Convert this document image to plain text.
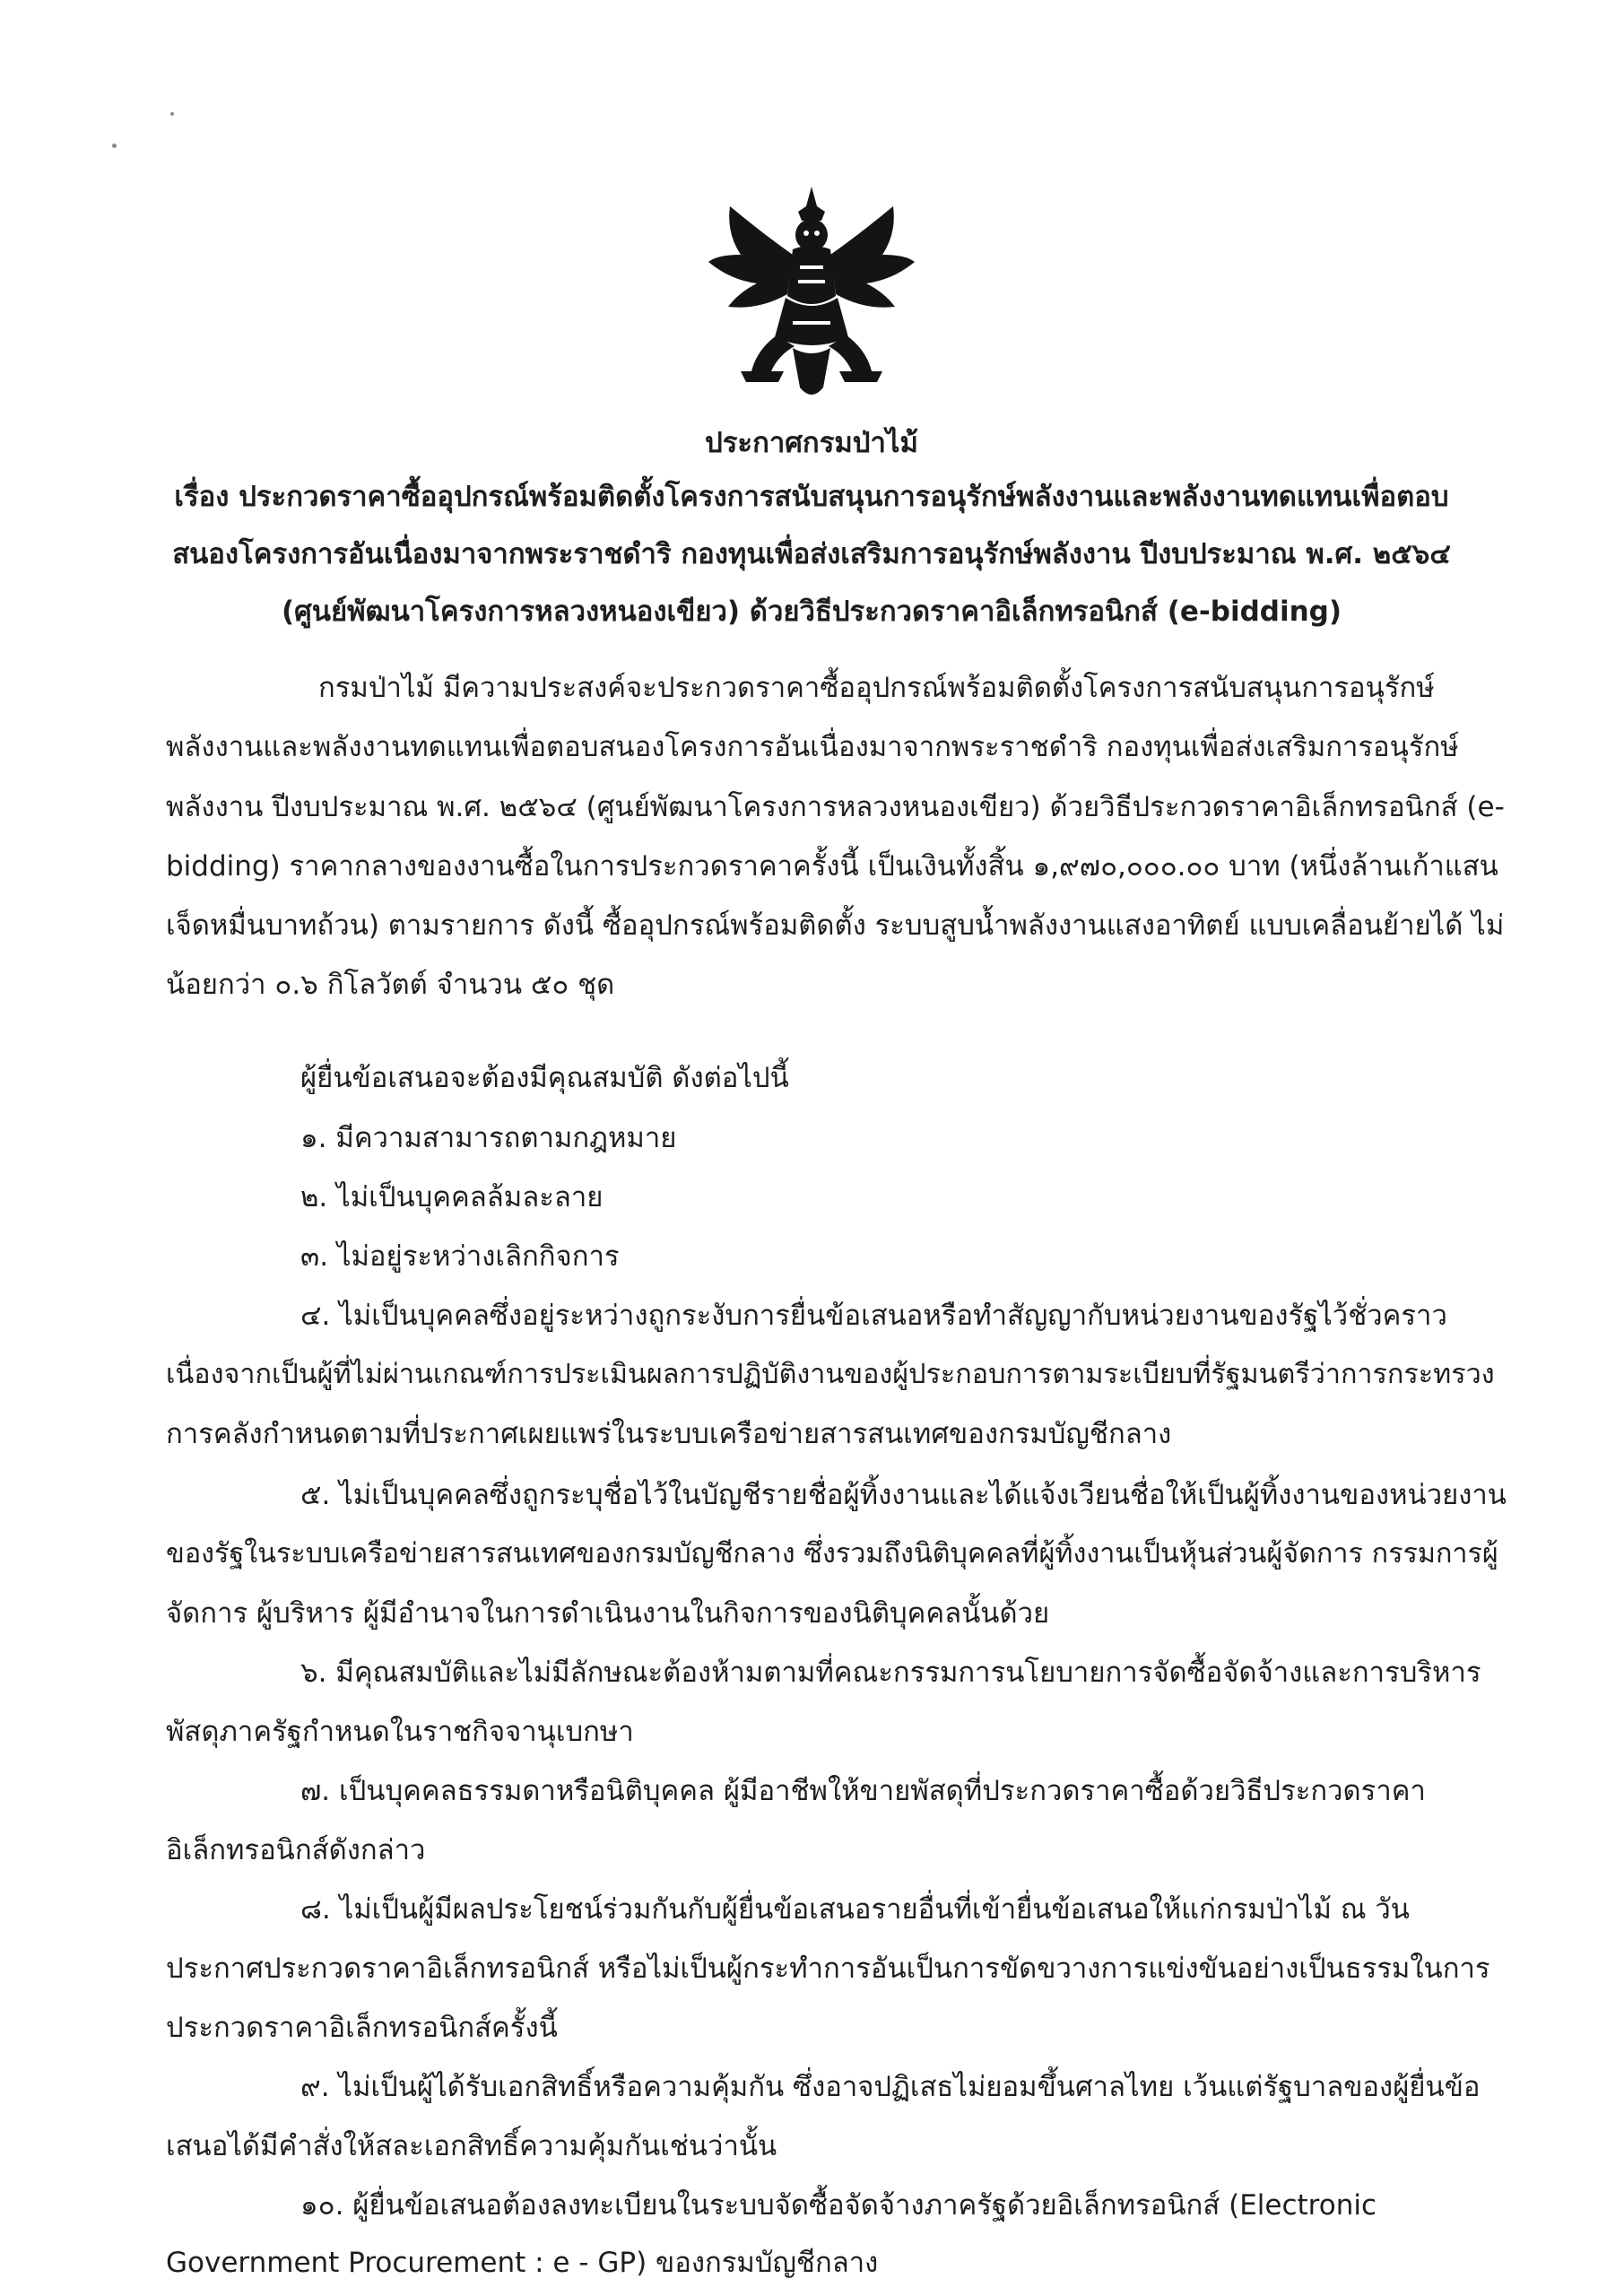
ประกาศกรมป่าไม้
เรื่อง ประกวดราคาซื้ออุปกรณ์พร้อมติดตั้งโครงการสนับสนุนการอนุรักษ์พลังงานและพลังงานทดแทนเพื่อตอบ
สนองโครงการอันเนื่องมาจากพระราชดำริ กองทุนเพื่อส่งเสริมการอนุรักษ์พลังงาน ปีงบประมาณ พ.ศ. ๒๕๖๔
(ศูนย์พัฒนาโครงการหลวงหนองเขียว) ด้วยวิธีประกวดราคาอิเล็กทรอนิกส์ (e-bidding)
กรมป่าไม้ มีความประสงค์จะประกวดราคาซื้ออุปกรณ์พร้อมติดตั้งโครงการสนับสนุนการอนุรักษ์
พลังงานและพลังงานทดแทนเพื่อตอบสนองโครงการอันเนื่องมาจากพระราชดำริ กองทุนเพื่อส่งเสริมการอนุรักษ์
พลังงาน ปีงบประมาณ พ.ศ. ๒๕๖๔ (ศูนย์พัฒนาโครงการหลวงหนองเขียว) ด้วยวิธีประกวดราคาอิเล็กทรอนิกส์ (e-
bidding) ราคากลางของงานซื้อในการประกวดราคาครั้งนี้ เป็นเงินทั้งสิ้น ๑,๙๗๐,๐๐๐.๐๐ บาท (หนึ่งล้านเก้าแสน
เจ็ดหมื่นบาทถ้วน) ตามรายการ ดังนี้ ซื้ออุปกรณ์พร้อมติดตั้ง ระบบสูบน้ำพลังงานแสงอาทิตย์ แบบเคลื่อนย้ายได้ ไม่
น้อยกว่า ๐.๖ กิโลวัตต์ จำนวน ๕๐ ชุด
ผู้ยื่นข้อเสนอจะต้องมีคุณสมบัติ ดังต่อไปนี้
๑. มีความสามารถตามกฎหมาย
๒. ไม่เป็นบุคคลล้มละลาย
๓. ไม่อยู่ระหว่างเลิกกิจการ
๔. ไม่เป็นบุคคลซึ่งอยู่ระหว่างถูกระงับการยื่นข้อเสนอหรือทำสัญญากับหน่วยงานของรัฐไว้ชั่วคราว
เนื่องจากเป็นผู้ที่ไม่ผ่านเกณฑ์การประเมินผลการปฏิบัติงานของผู้ประกอบการตามระเบียบที่รัฐมนตรีว่าการกระทรวง
การคลังกำหนดตามที่ประกาศเผยแพร่ในระบบเครือข่ายสารสนเทศของกรมบัญชีกลาง
๕. ไม่เป็นบุคคลซึ่งถูกระบุชื่อไว้ในบัญชีรายชื่อผู้ทิ้งงานและได้แจ้งเวียนชื่อให้เป็นผู้ทิ้งงานของหน่วยงาน
ของรัฐในระบบเครือข่ายสารสนเทศของกรมบัญชีกลาง ซึ่งรวมถึงนิติบุคคลที่ผู้ทิ้งงานเป็นหุ้นส่วนผู้จัดการ กรรมการผู้
จัดการ ผู้บริหาร ผู้มีอำนาจในการดำเนินงานในกิจการของนิติบุคคลนั้นด้วย
๖. มีคุณสมบัติและไม่มีลักษณะต้องห้ามตามที่คณะกรรมการนโยบายการจัดซื้อจัดจ้างและการบริหาร
พัสดุภาครัฐกำหนดในราชกิจจานุเบกษา
๗. เป็นบุคคลธรรมดาหรือนิติบุคคล ผู้มีอาชีพให้ขายพัสดุที่ประกวดราคาซื้อด้วยวิธีประกวดราคา
อิเล็กทรอนิกส์ดังกล่าว
๘. ไม่เป็นผู้มีผลประโยชน์ร่วมกันกับผู้ยื่นข้อเสนอรายอื่นที่เข้ายื่นข้อเสนอให้แก่กรมป่าไม้ ณ วัน
ประกาศประกวดราคาอิเล็กทรอนิกส์ หรือไม่เป็นผู้กระทำการอันเป็นการขัดขวางการแข่งขันอย่างเป็นธรรมในการ
ประกวดราคาอิเล็กทรอนิกส์ครั้งนี้
๙. ไม่เป็นผู้ได้รับเอกสิทธิ์หรือความคุ้มกัน ซึ่งอาจปฏิเสธไม่ยอมขึ้นศาลไทย เว้นแต่รัฐบาลของผู้ยื่นข้อ
เสนอได้มีคำสั่งให้สละเอกสิทธิ์ความคุ้มกันเช่นว่านั้น
๑๐. ผู้ยื่นข้อเสนอต้องลงทะเบียนในระบบจัดซื้อจัดจ้างภาครัฐด้วยอิเล็กทรอนิกส์ (Electronic
Government Procurement : e - GP) ของกรมบัญชีกลาง
